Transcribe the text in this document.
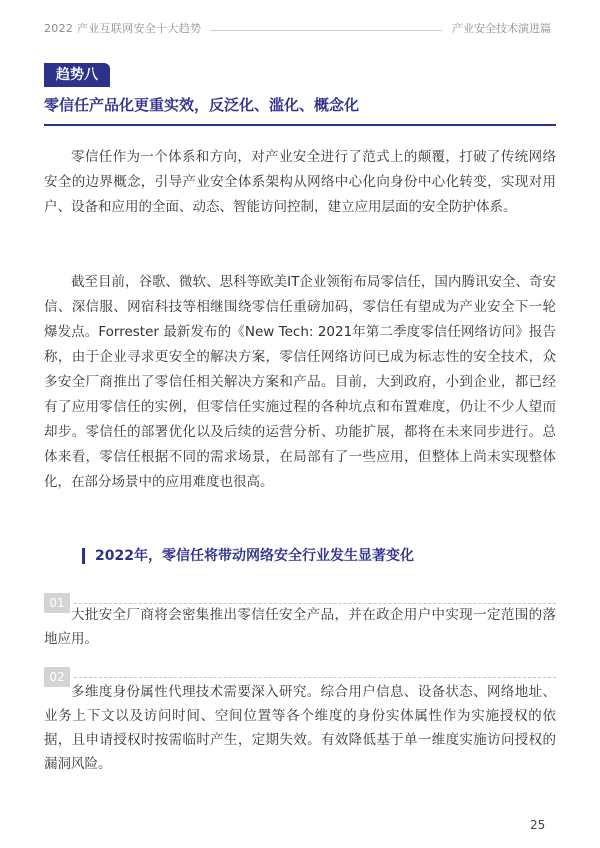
2022 产业互联网安全十大趋势	产业安全技术演进篇
趋势八
零信任产品化更重实效，反泛化、滥化、概念化

零信任作为一个体系和方向，对产业安全进行了范式上的颠覆，打破了传统网络安全的边界概念，引导产业安全体系架构从网络中心化向身份中心化转变，实现对用户、设备和应用的全面、动态、智能访问控制，建立应用层面的安全防护体系。

截至目前，谷歌、微软、思科等欧美IT企业领衔布局零信任，国内腾讯安全、奇安信、深信服、网宿科技等相继围绕零信任重磅加码，零信任有望成为产业安全下一轮爆发点。Forrester 最新发布的《New Tech: 2021年第二季度零信任网络访问》报告称，由于企业寻求更安全的解决方案，零信任网络访问已成为标志性的安全技术，众多安全厂商推出了零信任相关解决方案和产品。目前，大到政府，小到企业，都已经有了应用零信任的实例，但零信任实施过程的各种坑点和布置难度，仍让不少人望而却步。零信任的部署优化以及后续的运营分析、功能扩展，都将在未来同步进行。总体来看，零信任根据不同的需求场景，在局部有了一些应用，但整体上尚未实现整体化，在部分场景中的应用难度也很高。

2022年，零信任将带动网络安全行业发生显著变化
01

大批安全厂商将会密集推出零信任安全产品，并在政企用户中实现一定范围的落地应用。

02

多维度身份属性代理技术需要深入研究。综合用户信息、设备状态、网络地址、业务上下文以及访问时间、空间位置等各个维度的身份实体属性作为实施授权的依据，且申请授权时按需临时产生，定期失效。有效降低基于单一维度实施访问授权的漏洞风险。

25
